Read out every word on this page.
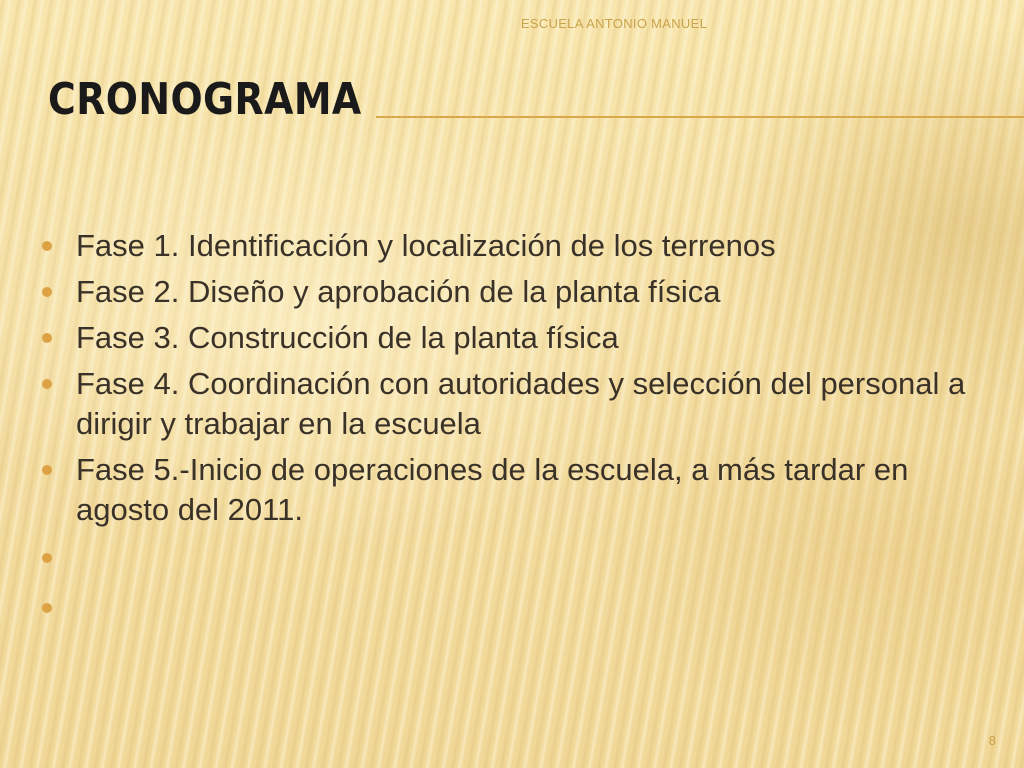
ESCUELA ANTONIO MANUEL
CRONOGRAMA
Fase 1. Identificación y localización de los terrenos
Fase 2. Diseño y aprobación de la planta física
Fase 3. Construcción de la planta física
Fase 4. Coordinación con autoridades y selección del personal a dirigir y trabajar en la escuela
Fase 5.-Inicio de operaciones de la escuela, a más tardar en agosto del 2011.
8
